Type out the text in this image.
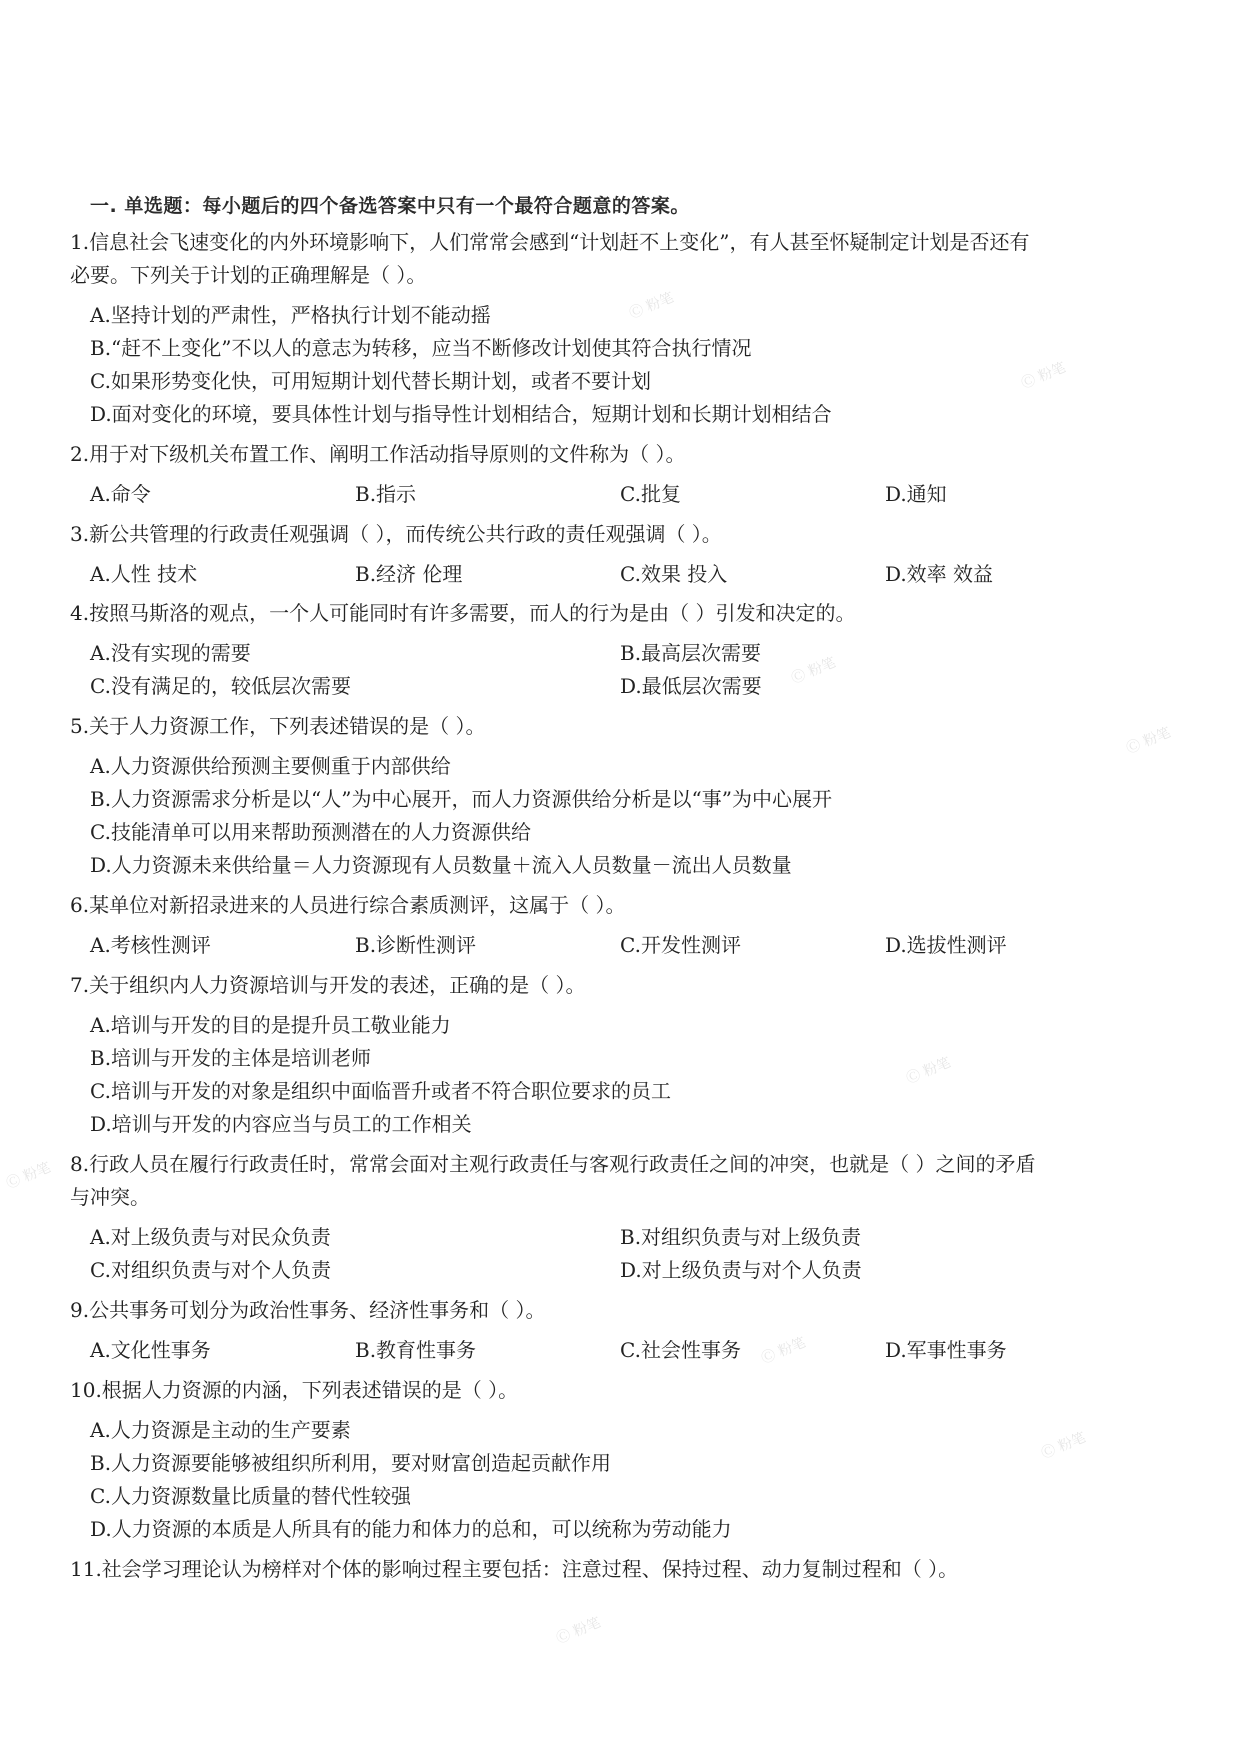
Ⓒ 粉笔
Ⓒ 粉笔
Ⓒ 粉笔
Ⓒ 粉笔
Ⓒ 粉笔
Ⓒ 粉笔
Ⓒ 粉笔
Ⓒ 粉笔
Ⓒ 粉笔
一. 单选题：每小题后的四个备选答案中只有一个最符合题意的答案。
1.信息社会飞速变化的内外环境影响下，人们常常会感到“计划赶不上变化”，有人甚至怀疑制定计划是否还有
必要。下列关于计划的正确理解是（ ）。
A.坚持计划的严肃性，严格执行计划不能动摇
B.“赶不上变化”不以人的意志为转移，应当不断修改计划使其符合执行情况
C.如果形势变化快，可用短期计划代替长期计划，或者不要计划
D.面对变化的环境，要具体性计划与指导性计划相结合，短期计划和长期计划相结合
2.用于对下级机关布置工作、阐明工作活动指导原则的文件称为（ ）。
A.命令	B.指示	C.批复	D.通知
3.新公共管理的行政责任观强调（ ），而传统公共行政的责任观强调（ ）。
A.人性 技术	B.经济 伦理	C.效果 投入	D.效率 效益
4.按照马斯洛的观点，一个人可能同时有许多需要，而人的行为是由（ ）引发和决定的。
A.没有实现的需要	B.最高层次需要
C.没有满足的，较低层次需要	D.最低层次需要
5.关于人力资源工作，下列表述错误的是（ ）。
A.人力资源供给预测主要侧重于内部供给
B.人力资源需求分析是以“人”为中心展开，而人力资源供给分析是以“事”为中心展开
C.技能清单可以用来帮助预测潜在的人力资源供给
D.人力资源未来供给量＝人力资源现有人员数量＋流入人员数量－流出人员数量
6.某单位对新招录进来的人员进行综合素质测评，这属于（ ）。
A.考核性测评	B.诊断性测评	C.开发性测评	D.选拔性测评
7.关于组织内人力资源培训与开发的表述，正确的是（ ）。
A.培训与开发的目的是提升员工敬业能力
B.培训与开发的主体是培训老师
C.培训与开发的对象是组织中面临晋升或者不符合职位要求的员工
D.培训与开发的内容应当与员工的工作相关
8.行政人员在履行行政责任时，常常会面对主观行政责任与客观行政责任之间的冲突，也就是（ ）之间的矛盾
与冲突。
A.对上级负责与对民众负责	B.对组织负责与对上级负责
C.对组织负责与对个人负责	D.对上级负责与对个人负责
9.公共事务可划分为政治性事务、经济性事务和（ ）。
A.文化性事务	B.教育性事务	C.社会性事务	D.军事性事务
10.根据人力资源的内涵，下列表述错误的是（ ）。
A.人力资源是主动的生产要素
B.人力资源要能够被组织所利用，要对财富创造起贡献作用
C.人力资源数量比质量的替代性较强
D.人力资源的本质是人所具有的能力和体力的总和，可以统称为劳动能力
11.社会学习理论认为榜样对个体的影响过程主要包括：注意过程、保持过程、动力复制过程和（ ）。
